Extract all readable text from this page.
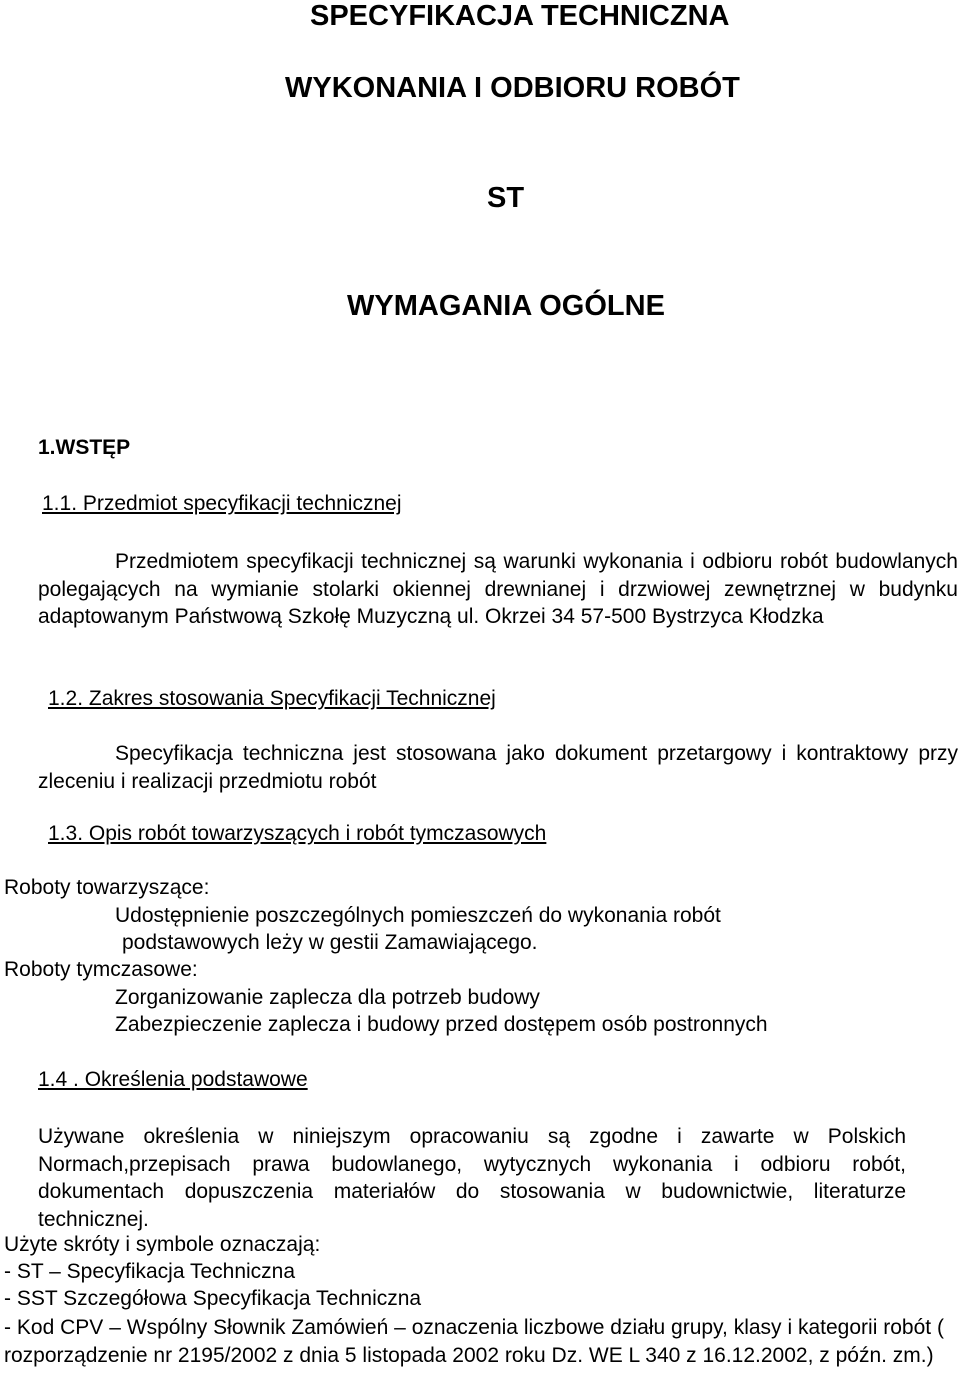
SPECYFIKACJA TECHNICZNA
WYKONANIA I ODBIORU ROBÓT
ST
WYMAGANIA OGÓLNE
1.WSTĘP
1.1. Przedmiot specyfikacji technicznej

Przedmiotem specyfikacji technicznej są warunki wykonania i odbioru robót budowlanych polegających na wymianie stolarki okiennej drewnianej i drzwiowej zewnętrznej w budynku adaptowanym Państwową Szkołę Muzyczną ul. Okrzei 34 57-500 Bystrzyca Kłodzka

1.2. Zakres stosowania Specyfikacji Technicznej

Specyfikacja techniczna jest stosowana jako dokument przetargowy i kontraktowy przy zleceniu i realizacji przedmiotu robót

1.3. Opis robót towarzyszących i robót tymczasowych
Roboty towarzyszące:
Udostępnienie poszczególnych pomieszczeń do wykonania robót
podstawowych leży w gestii Zamawiającego.
Roboty tymczasowe:
Zorganizowanie zaplecza dla potrzeb budowy
Zabezpieczenie zaplecza i budowy przed dostępem osób postronnych
1.4 . Określenia podstawowe

Używane określenia w niniejszym opracowaniu są zgodne i zawarte w Polskich Normach,przepisach prawa budowlanego, wytycznych wykonania i odbioru robót, dokumentach dopuszczenia materiałów do stosowania w budownictwie, literaturze technicznej.

Użyte skróty i symbole oznaczają:
- ST – Specyfikacja Techniczna
- SST Szczegółowa Specyfikacja Techniczna

- Kod CPV – Wspólny Słownik Zamówień – oznaczenia liczbowe działu grupy, klasy i kategorii robót ( rozporządzenie nr 2195/2002 z dnia 5 listopada 2002 roku Dz. WE L 340 z 16.12.2002, z późn. zm.)
